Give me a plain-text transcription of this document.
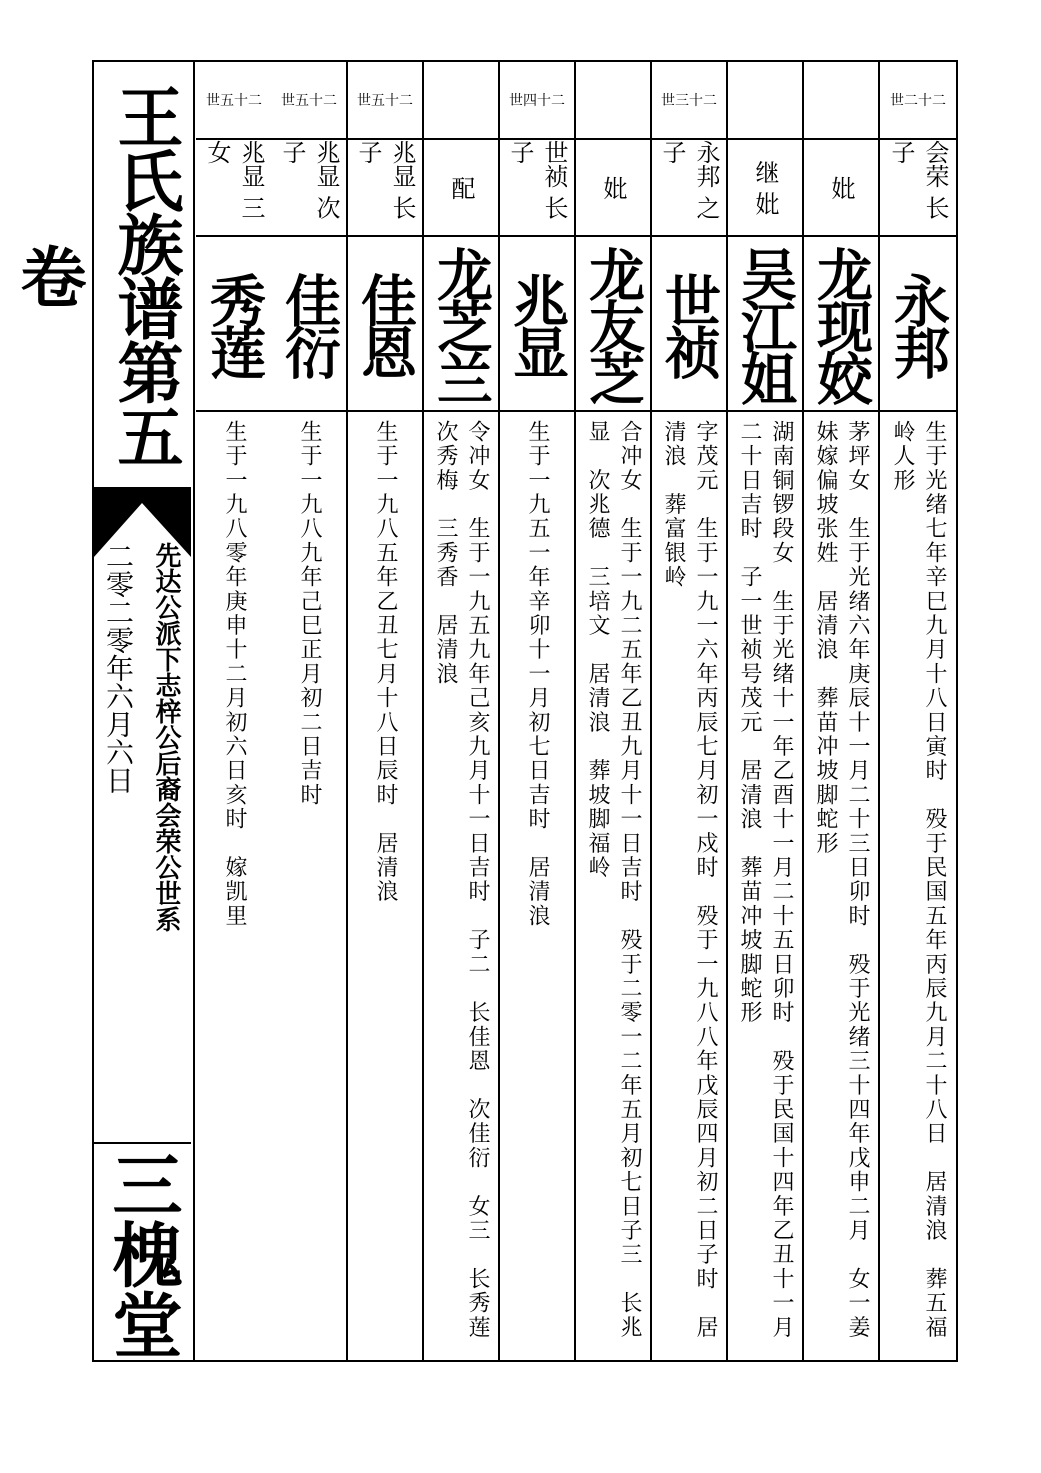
王氏族谱第五卷
先达公派下志梓公后裔会荣公世系
二零二零年六月六日
三槐堂
世二十二
会荣 长子
永邦
生于光绪七年辛巳九月十八日寅时　殁于民国五年丙辰九月二十八日　居清浪　葬五福岭人形
妣
龙现姣
茅坪女　生于光绪六年庚辰十一月二十三日卯时　殁于光绪三十四年戊申二月　女一姜妹嫁偏坡张姓　居清浪　葬苗冲坡脚蛇形
继 妣
吴江姐
湖南铜锣段女　生于光绪十一年乙酉十一月二十五日卯时　殁于民国十四年乙丑十一月二十日吉时　子一世祯号茂元　居清浪　葬苗冲坡脚蛇形
世三十二
永邦 之子
世祯
字茂元　生于一九一六年丙辰七月初一戍时　殁于一九八八年戊辰四月初二日子时　居清浪　葬富银岭
妣
龙友芝
合冲女　生于一九二五年乙丑九月十一日吉时　殁于二零一二年五月初七日子三　长兆显　次兆德　三培文　居清浪　葬坡脚福岭
世四十二
世祯 长子
兆显
生于一九五一年辛卯十一月初七日吉时　居清浪
配
龙芝兰
令冲女　生于一九五九年己亥九月十一日吉时　子二　长佳恩　次佳衍　女三　长秀莲　次秀梅　三秀香　居清浪
世五十二
兆显 长子
佳恩
生于一九八五年乙丑七月十八日辰时　居清浪
世五十二
兆显 次子
佳衍
生于一九八九年己巳正月初二日吉时
世五十二
兆显 三女
秀莲
生于一九八零年庚申十二月初六日亥时　嫁凯里
